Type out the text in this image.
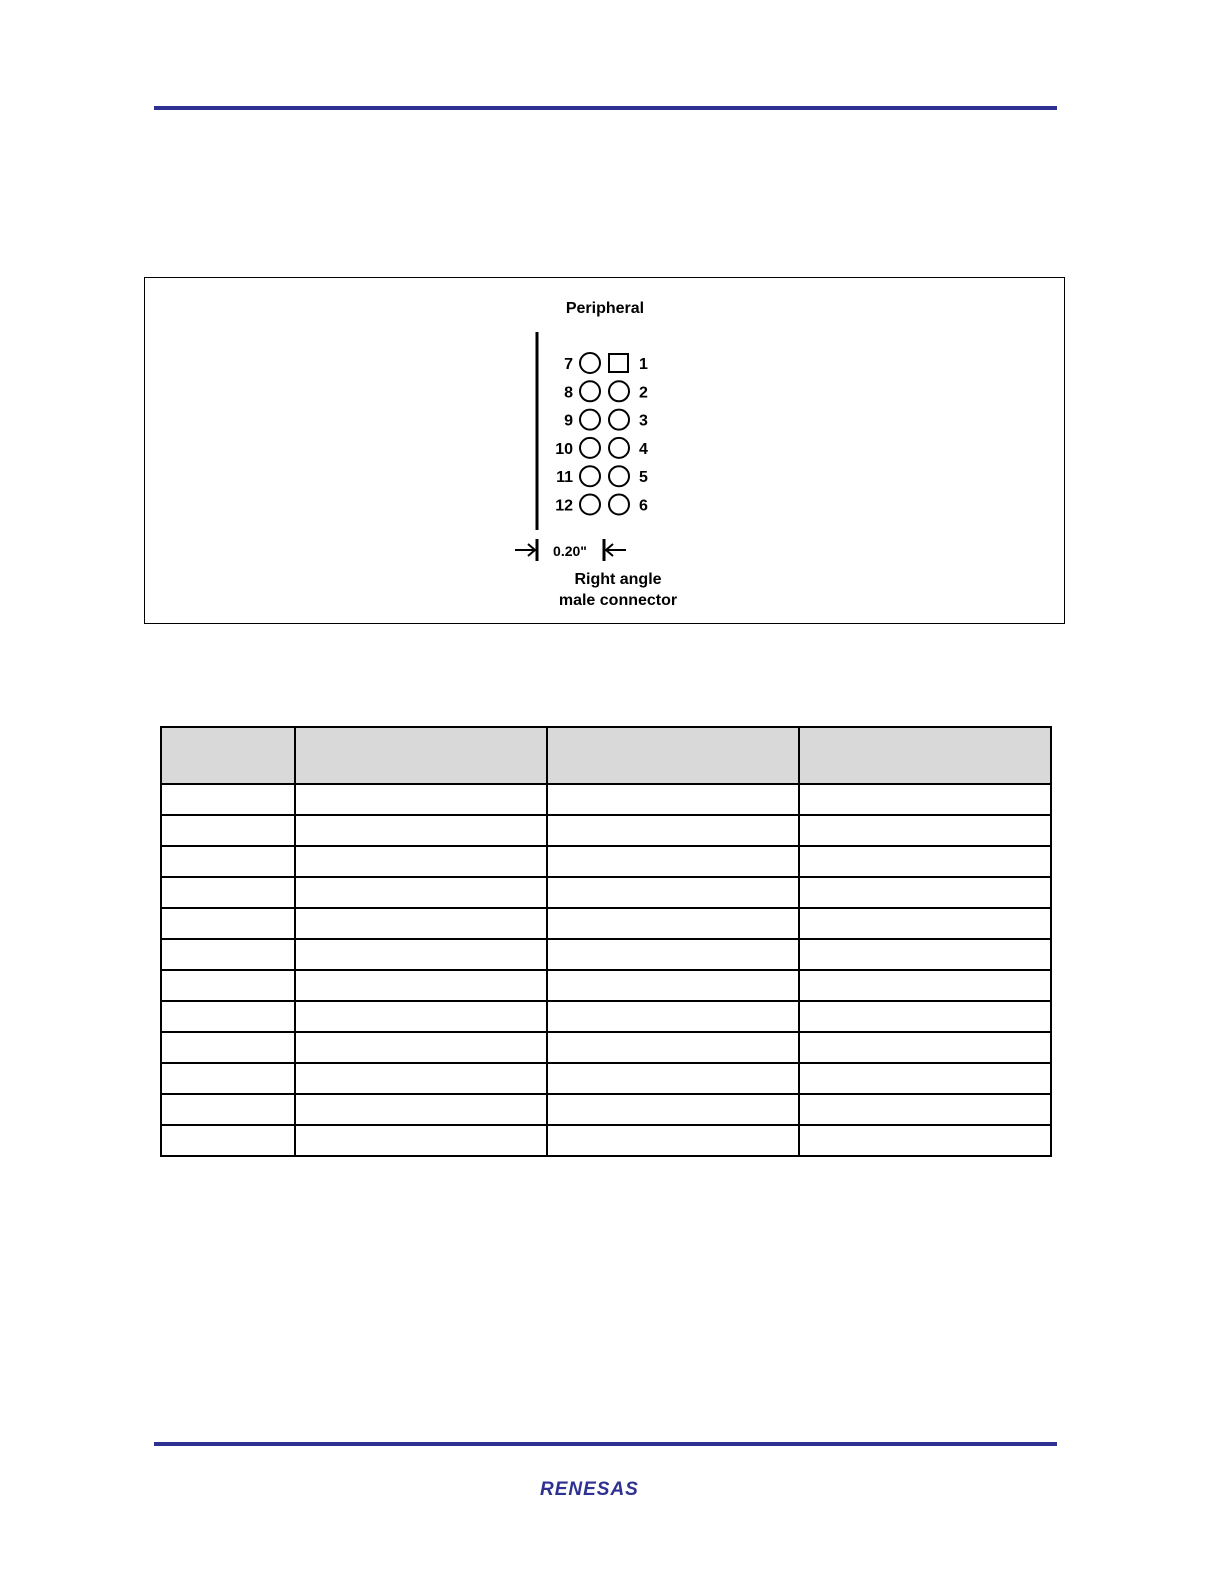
Peripheral
7	1
8	2
9	3
10	4
11	5
12	6
0.20"
Right angle
male connector

RENESAS
